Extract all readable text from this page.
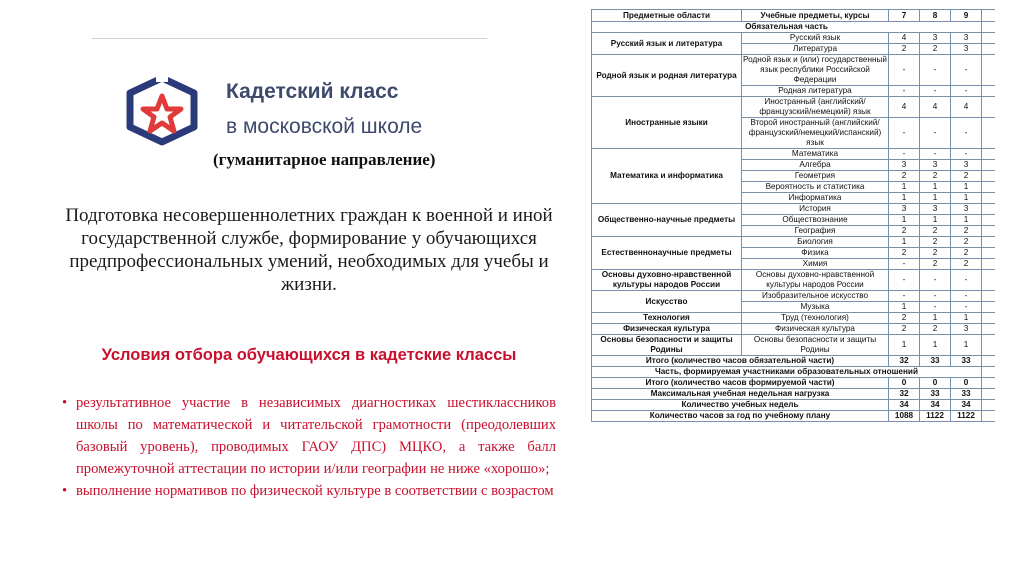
Кадетский класс
в московской школе
(гуманитарное направление)
Подготовка несовершеннолетних граждан к военной и иной государственной службе, формирование у обучающихся предпрофессиональных умений, необходимых для учебы и жизни.
Условия отбора обучающихся в кадетские классы
• результативное участие в независимых диагностиках шестиклассников школы по математической и читательской грамотности (преодолевших базовый уровень), проводимых ГАОУ ДПС) МЦКО, а также балл промежуточной аттестации по истории и/или географии не ниже «хорошо»;
• выполнение нормативов по физической культуре в соответствии с возрастом
Предметные области	Учебные предметы, курсы	7	8	9	
Обязательная часть					
Русский язык и литература	Русский язык	4	3	3	
	Литература	2	2	3	
Родной язык и родная литература	Родной язык и (или) государственный язык республики Российской Федерации	-	-	-	
	Родная литература	-	-	-	
Иностранные языки	Иностранный (английский/французский/немецкий) язык	4	4	4	
	Второй иностранный (английский/французский/немецкий/испанский) язык	-	-	-	
Математика и информатика	Математика	-	-	-	
	Алгебра	3	3	3	
	Геометрия	2	2	2	
	Вероятность и статистика	1	1	1	
	Информатика	1	1	1	
Общественно-научные предметы	История	3	3	3	
	Обществознание	1	1	1	
	География	2	2	2	
Естественнонаучные предметы	Биология	1	2	2	
	Физика	2	2	2	
	Химия	-	2	2	
Основы духовно-нравственной культуры народов России	Основы духовно-нравственной культуры народов России	-	-	-	
Искусство	Изобразительное искусство	-	-	-	
	Музыка	1	-	-	
Технология	Труд (технология)	2	1	1	
Физическая культура	Физическая культура	2	2	3	
Основы безопасности и защиты Родины	Основы безопасности и защиты Родины	1	1	1	
Итого (количество часов обязательной части)		32	33	33	
Часть, формируемая участниками образовательных отношений					
Итого (количество часов формируемой части)		0	0	0	
Максимальная учебная недельная нагрузка		32	33	33	
Количество учебных недель		34	34	34	
Количество часов за год по учебному плану		1088	1122	1122	
